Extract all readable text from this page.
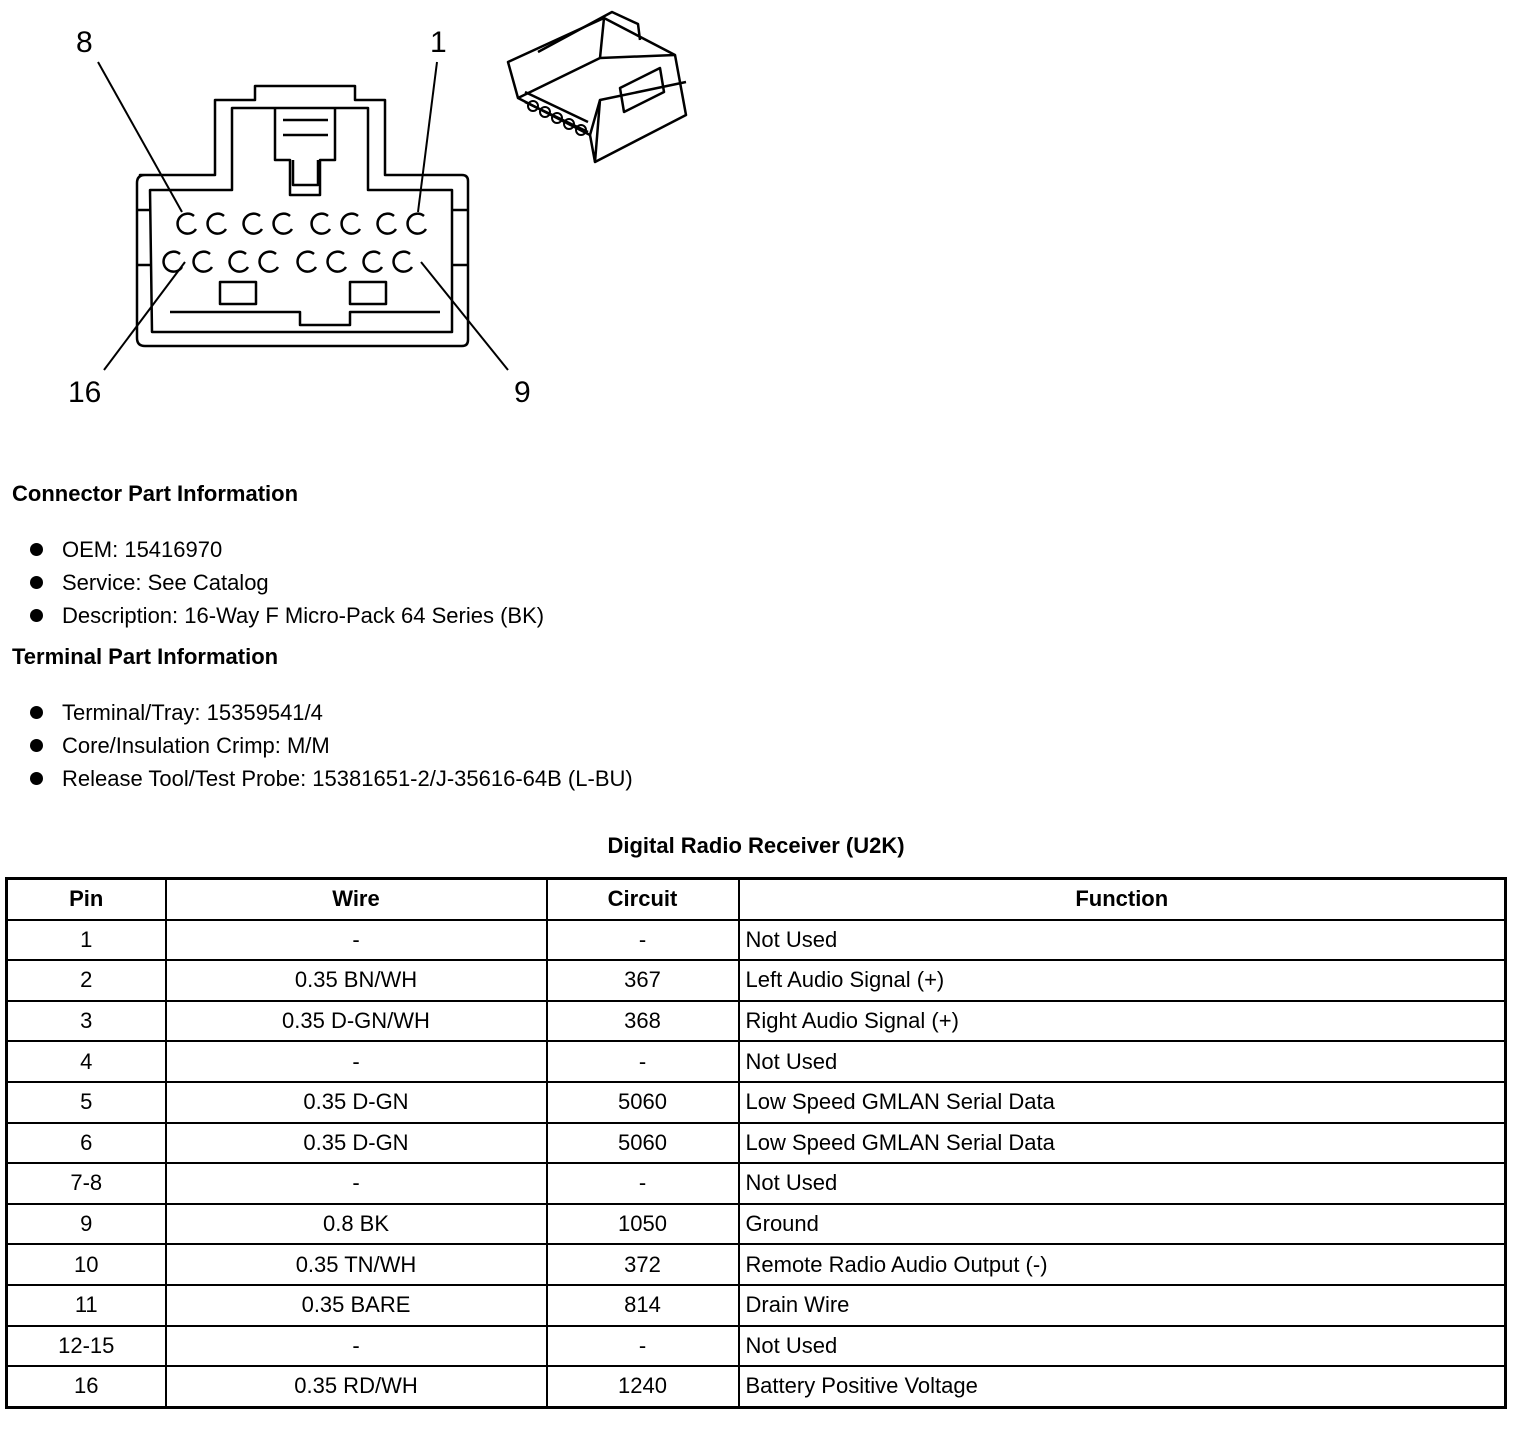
8	1
16	9
Connector Part Information
OEM: 15416970
Service: See Catalog
Description: 16-Way F Micro-Pack 64 Series (BK)
Terminal Part Information
Terminal/Tray: 15359541/4
Core/Insulation Crimp: M/M
Release Tool/Test Probe: 15381651-2/J-35616-64B (L-BU)
Digital Radio Receiver (U2K)
Pin	Wire	Circuit	Function
1	-	-	Not Used
2	0.35 BN/WH	367	Left Audio Signal (+)
3	0.35 D-GN/WH	368	Right Audio Signal (+)
4	-	-	Not Used
5	0.35 D-GN	5060	Low Speed GMLAN Serial Data
6	0.35 D-GN	5060	Low Speed GMLAN Serial Data
7-8	-	-	Not Used
9	0.8 BK	1050	Ground
10	0.35 TN/WH	372	Remote Radio Audio Output (-)
11	0.35 BARE	814	Drain Wire
12-15	-	-	Not Used
16	0.35 RD/WH	1240	Battery Positive Voltage
